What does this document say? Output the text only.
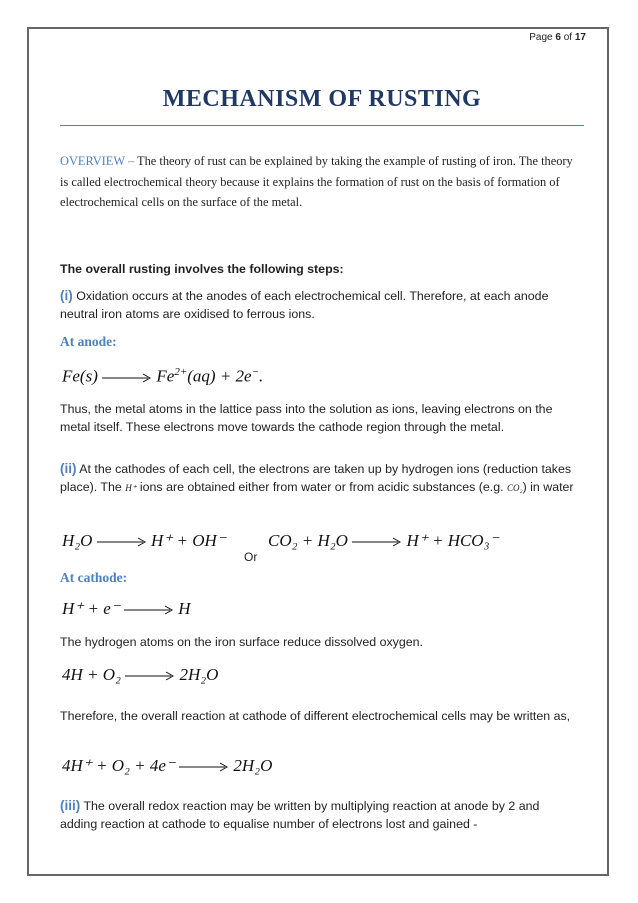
Page 6 of 17
MECHANISM OF RUSTING
OVERVIEW – The theory of rust can be explained by taking the example of rusting of iron. The theory is called electrochemical theory because it explains the formation of rust on the basis of formation of electrochemical cells on the surface of the metal.
The overall rusting involves the following steps:
(i) Oxidation occurs at the anodes of each electrochemical cell. Therefore, at each anode neutral iron atoms are oxidised to ferrous ions.
At anode:
Fe(s)	$Fe^{2+}(aq) + 2e^-$.
Thus, the metal atoms in the lattice pass into the solution as ions, leaving electrons on the metal itself. These electrons move towards the cathode region through the metal.
(ii) At the cathodes of each cell, the electrons are taken up by hydrogen ions (reduction takes place). The H⁺ ions are obtained either from water or from acidic substances (e.g. CO₂) in water
H₂O	H⁺ + OH⁻
Or
CO₂ + H₂O	H⁺ + HCO₃⁻
At cathode:
H⁺ + e⁻	H
The hydrogen atoms on the iron surface reduce dissolved oxygen.
4H + O₂	2H₂O
Therefore, the overall reaction at cathode of different electrochemical cells may be written as,
4H⁺ + O₂ + 4e⁻	2H₂O
(iii) The overall redox reaction may be written by multiplying reaction at anode by 2 and adding reaction at cathode to equalise number of electrons lost and gained -
